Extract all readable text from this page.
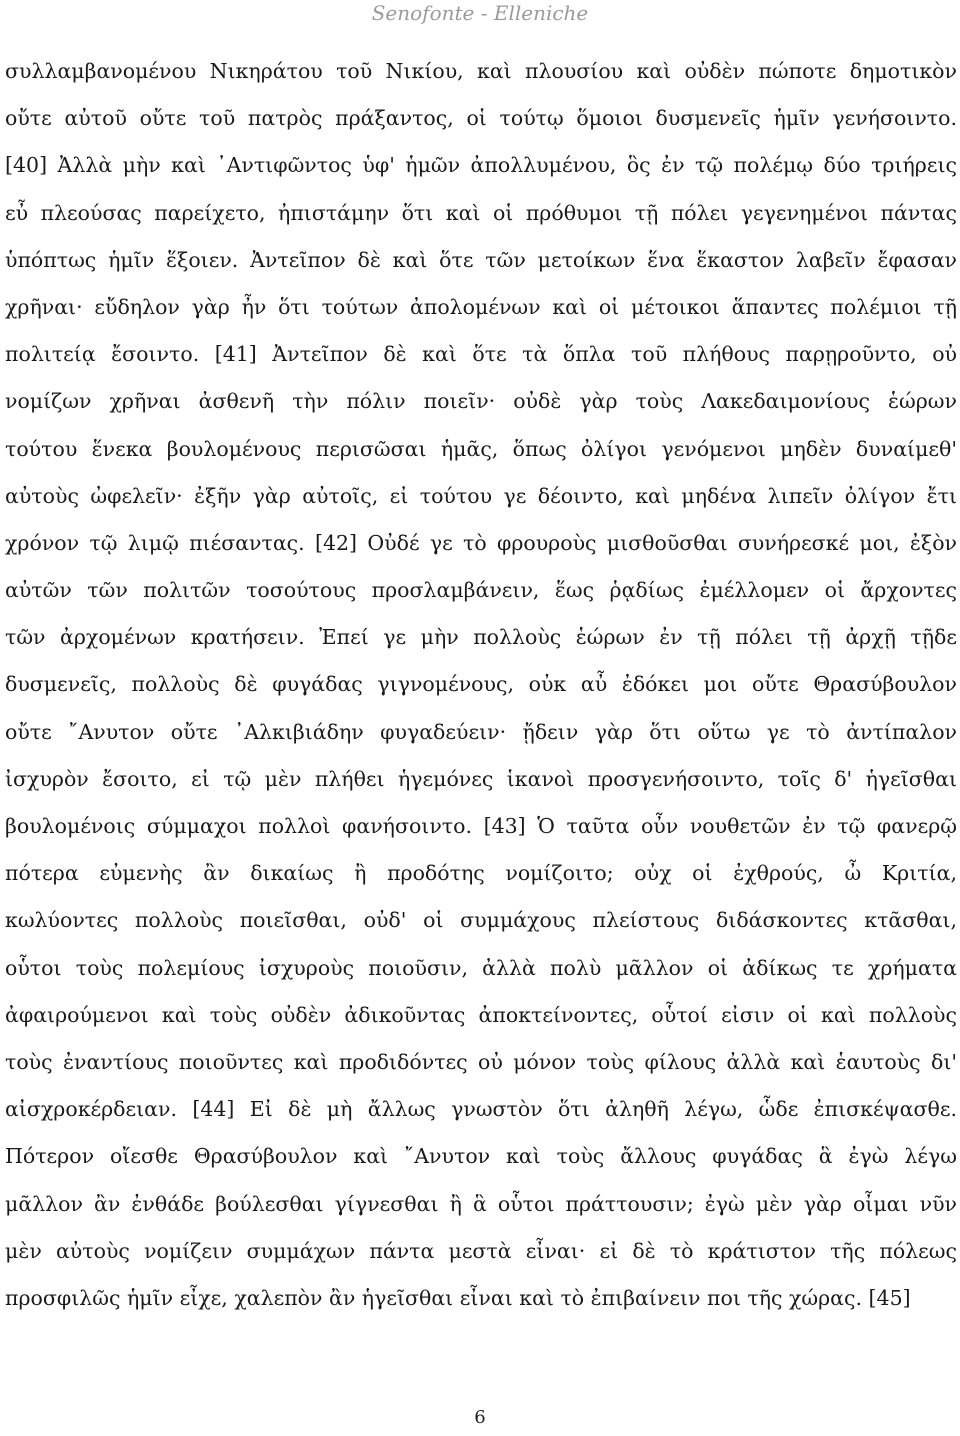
Senofonte - Elleniche
συλλαμβανομένου Νικηράτου τοῦ Νικίου, καὶ πλουσίου καὶ οὐδὲν πώποτε δημοτικὸν
οὔτε αὐτοῦ οὔτε τοῦ πατρὸς πράξαντος, οἱ τούτῳ ὅμοιοι δυσμενεῖς ἡμῖν γενήσοιντο.
[40] Ἀλλὰ μὴν καὶ ᾿Αντιφῶντος ὑφ' ἡμῶν ἀπολλυμένου, ὃς ἐν τῷ πολέμῳ δύο τριήρεις
εὖ πλεούσας παρείχετο, ἠπιστάμην ὅτι καὶ οἱ πρόθυμοι τῇ πόλει γεγενημένοι πάντας
ὑπόπτως ἡμῖν ἕξοιεν. Ἀντεῖπον δὲ καὶ ὅτε τῶν μετοίκων ἕνα ἕκαστον λαβεῖν ἔφασαν
χρῆναι· εὔδηλον γὰρ ἦν ὅτι τούτων ἀπολομένων καὶ οἱ μέτοικοι ἅπαντες πολέμιοι τῇ
πολιτείᾳ ἔσοιντο. [41] Ἀντεῖπον δὲ καὶ ὅτε τὰ ὅπλα τοῦ πλήθους παρῃροῦντο, οὐ
νομίζων χρῆναι ἀσθενῆ τὴν πόλιν ποιεῖν· οὐδὲ γὰρ τοὺς Λακεδαιμονίους ἑώρων
τούτου ἕνεκα βουλομένους περισῶσαι ἡμᾶς, ὅπως ὀλίγοι γενόμενοι μηδὲν δυναίμεθ'
αὐτοὺς ὠφελεῖν· ἐξῆν γὰρ αὐτοῖς, εἰ τούτου γε δέοιντο, καὶ μηδένα λιπεῖν ὀλίγον ἔτι
χρόνον τῷ λιμῷ πιέσαντας. [42] Οὐδέ γε τὸ φρουροὺς μισθοῦσθαι συνήρεσκέ μοι, ἐξὸν
αὐτῶν τῶν πολιτῶν τοσούτους προσλαμβάνειν, ἕως ῥᾳδίως ἐμέλλομεν οἱ ἄρχοντες
τῶν ἀρχομένων κρατήσειν. Ἐπεί γε μὴν πολλοὺς ἑώρων ἐν τῇ πόλει τῇ ἀρχῇ τῇδε
δυσμενεῖς, πολλοὺς δὲ φυγάδας γιγνομένους, οὐκ αὖ ἐδόκει μοι οὔτε Θρασύβουλον
οὔτε ῎Ανυτον οὔτε ᾿Αλκιβιάδην φυγαδεύειν· ᾔδειν γὰρ ὅτι οὕτω γε τὸ ἀντίπαλον
ἰσχυρὸν ἔσοιτο, εἰ τῷ μὲν πλήθει ἡγεμόνες ἱκανοὶ προσγενήσοιντο, τοῖς δ' ἡγεῖσθαι
βουλομένοις σύμμαχοι πολλοὶ φανήσοιντο. [43] Ὁ ταῦτα οὖν νουθετῶν ἐν τῷ φανερῷ
πότερα εὐμενὴς ἂν δικαίως ἢ προδότης νομίζοιτο; οὐχ οἱ ἐχθρούς, ὦ Κριτία,
κωλύοντες πολλοὺς ποιεῖσθαι, οὐδ' οἱ συμμάχους πλείστους διδάσκοντες κτᾶσθαι,
οὗτοι τοὺς πολεμίους ἰσχυροὺς ποιοῦσιν, ἀλλὰ πολὺ μᾶλλον οἱ ἀδίκως τε χρήματα
ἀφαιρούμενοι καὶ τοὺς οὐδὲν ἀδικοῦντας ἀποκτείνοντες, οὗτοί εἰσιν οἱ καὶ πολλοὺς
τοὺς ἐναντίους ποιοῦντες καὶ προδιδόντες οὐ μόνον τοὺς φίλους ἀλλὰ καὶ ἑαυτοὺς δι'
αἰσχροκέρδειαν. [44] Εἰ δὲ μὴ ἄλλως γνωστὸν ὅτι ἀληθῆ λέγω, ὧδε ἐπισκέψασθε.
Πότερον οἴεσθε Θρασύβουλον καὶ ῎Ανυτον καὶ τοὺς ἄλλους φυγάδας ἃ ἐγὼ λέγω
μᾶλλον ἂν ἐνθάδε βούλεσθαι γίγνεσθαι ἢ ἃ οὗτοι πράττουσιν; ἐγὼ μὲν γὰρ οἶμαι νῦν
μὲν αὐτοὺς νομίζειν συμμάχων πάντα μεστὰ εἶναι· εἰ δὲ τὸ κράτιστον τῆς πόλεως
προσφιλῶς ἡμῖν εἶχε, χαλεπὸν ἂν ἡγεῖσθαι εἶναι καὶ τὸ ἐπιβαίνειν ποι τῆς χώρας. [45]
6
